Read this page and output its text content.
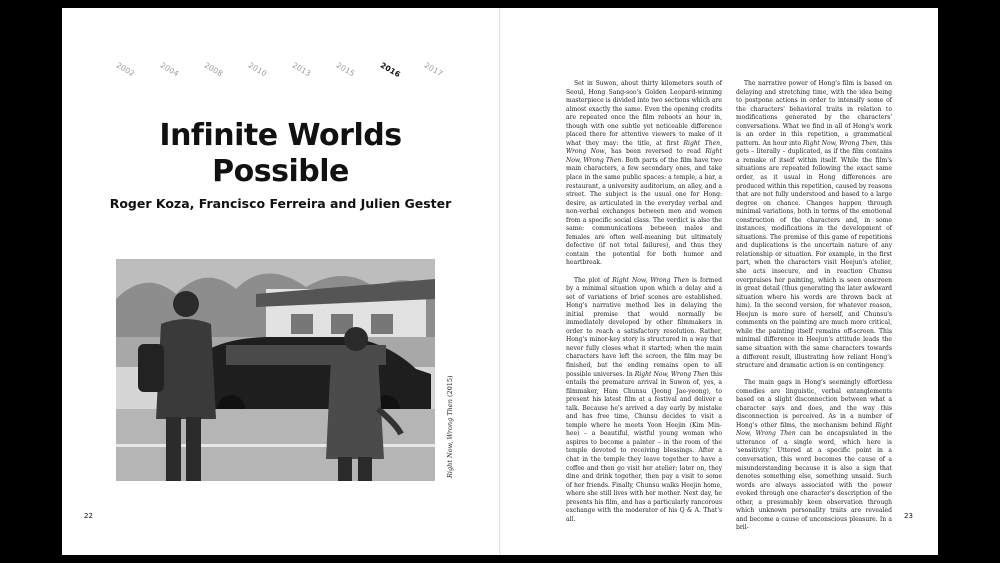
2002	2004	2008	2010	2013	2015	2016	2017
Infinite Worlds
Possible
Roger Koza, Francisco Ferreira and Julien Gester
Right Now, Wrong Then (2015)
22

Set in Suwon, about thirty kilometers south of Seoul, Hong Sang-soo's Golden Leopard-winning masterpiece is divided into two sections which are almost exactly the same. Even the opening credits are repeated once the film reboots an hour in, though with one subtle yet noticeable difference placed there for attentive viewers to make of it what they may: the title, at first Right Then, Wrong Now, has been reversed to read Right Now, Wrong Then. Both parts of the film have two main characters, a few secondary ones, and take place in the same public spaces: a temple, a bar, a restaurant, a university auditorium, an alley, and a street. The subject is the usual one for Hong: desire, as articulated in the everyday verbal and non-verbal exchanges between men and women from a specific social class. The verdict is also the same: communications between males and females are often well-meaning but ultimately defective (if not total failures), and thus they contain the potential for both humor and heartbreak.

The plot of Right Now, Wrong Then is formed by a minimal situation upon which a delay and a set of variations of brief scenes are established. Hong's narrative method lies in delaying the initial premise that would normally be immediately developed by other filmmakers in order to reach a satisfactory resolution. Rather, Hong's minor-key story is structured in a way that never fully closes what it started; when the main characters have left the screen, the film may be finished, but the ending remains open to all possible universes. In Right Now, Wrong Then this entails the premature arrival in Suwon of, yes, a filmmaker, Ham Chunsu (Jeong Jae-yeong), to present his latest film at a festival and deliver a talk. Because he's arrived a day early by mistake and has free time, Chunsu decides to visit a temple where he meets Yoon Heejin (Kim Min-hee) – a beautiful, wistful young woman who aspires to become a painter – in the room of the temple devoted to receiving blessings. After a chat in the temple they leave together to have a coffee and then go visit her atelier; later on, they dine and drink together, then pay a visit to some of her friends. Finally, Chunsu walks Heejin home, where she still lives with her mother. Next day, he presents his film, and has a particularly rancorous exchange with the moderator of his Q & A. That's all.

The narrative power of Hong's film is based on delaying and stretching time, with the idea being to postpone actions in order to intensify some of the characters' behavioral traits in relation to modifications generated by the characters' conversations. What we find in all of Hong's work is an order in this repetition, a grammatical pattern. An hour into Right Now, Wrong Then, this gets – literally – duplicated, as if the film contains a remake of itself within itself. While the film's situations are repeated following the exact same order, as it usual in Hong differences are produced within this repetition, caused by reasons that are not fully understood and based to a large degree on chance. Changes happen through minimal variations, both in terms of the emotional construction of the characters and, in some instances, modifications in the development of situations. The premise of this game of repetitions and duplications is the uncertain nature of any relationship or situation. For example, in the first part, when the characters visit Heejun's atelier, she acts insecure, and in reaction Chunsu overpraises her painting, which is seen onscreen in great detail (thus generating the later awkward situation where his words are thrown back at him). In the second version, for whatever reason, Heejun is more sure of herself, and Chunsu's comments on the painting are much more critical, while the painting itself remains off-screen. This minimal difference in Heejun's attitude leads the same situation with the same characters towards a different result, illustrating how reliant Hong's structure and dramatic action is on contingency.

The main gags in Hong's seemingly effortless comedies are linguistic, verbal entanglements based on a slight disconnection between what a character says and does, and the way this disconnection is perceived. As in a number of Hong's other films, the mechanism behind Right Now, Wrong Then can be encapsulated in the utterance of a single word, which here is 'sensitivity.' Uttered at a specific point in a conversation, this word becomes the cause of a misunderstanding because it is also a sign that denotes something else, something unsaid. Such words are always associated with the power evoked through one character's description of the other, a presumably keen observation through which unknown personality traits are revealed and become a cause of unconscious pleasure. In a bril-

23
